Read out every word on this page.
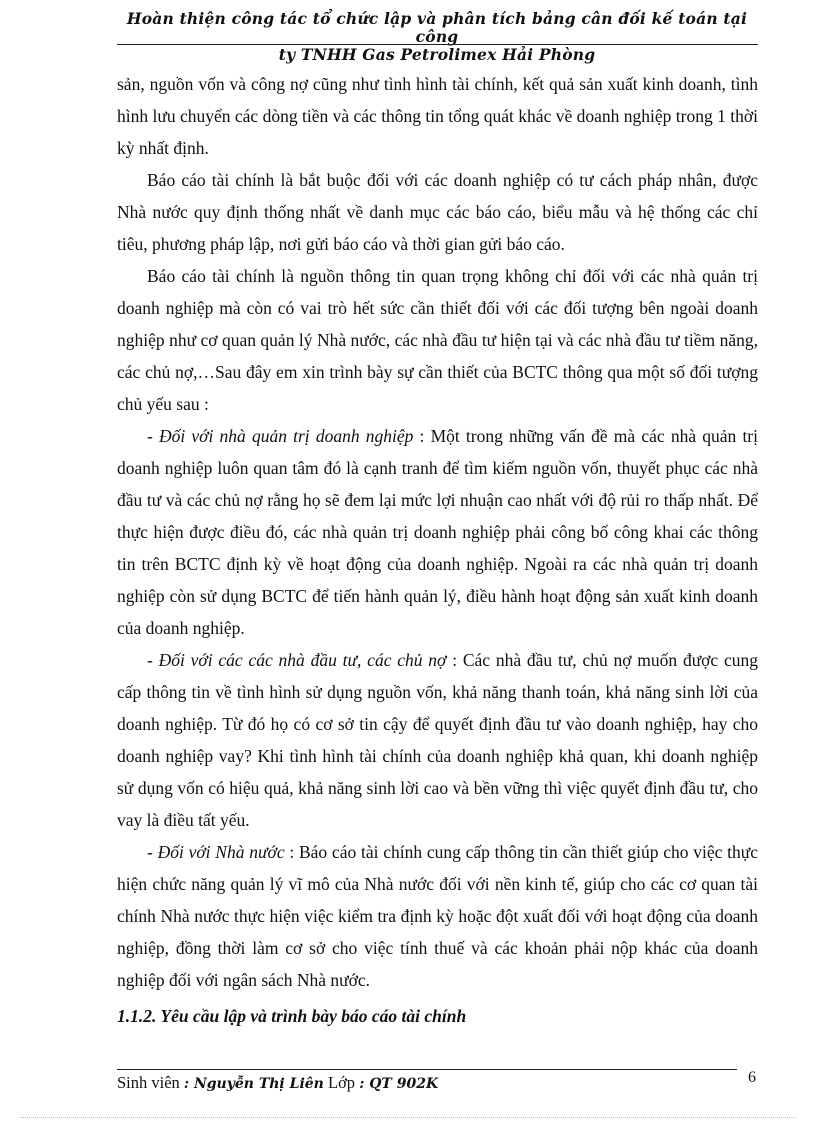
Hoàn thiện công tác tổ chức lập và phân tích bảng cân đối kế toán tại công
ty TNHH Gas Petrolimex Hải Phòng

sản, nguồn vốn và công nợ cũng như tình hình tài chính, kết quả sản xuất kinh doanh, tình hình lưu chuyển các dòng tiền và các thông tin tổng quát khác về doanh nghiệp trong 1 thời kỳ nhất định.

Báo cáo tài chính là bắt buộc đối với các doanh nghiệp có tư cách pháp nhân, được Nhà nước quy định thống nhất về danh mục các báo cáo, biểu mẫu và hệ thống các chỉ tiêu, phương pháp lập, nơi gửi báo cáo và thời gian gửi báo cáo.

Báo cáo tài chính là nguồn thông tin quan trọng không chỉ đối với các nhà quản trị doanh nghiệp mà còn có vai trò hết sức cần thiết đối với các đối tượng bên ngoài doanh nghiệp như cơ quan quản lý Nhà nước, các nhà đầu tư hiện tại và các nhà đầu tư tiềm năng, các chủ nợ,…Sau đây em xin trình bày sự cần thiết của BCTC thông qua một số đối tượng chủ yếu sau :

- Đối với nhà quản trị doanh nghiệp : Một trong những vấn đề mà các nhà quản trị doanh nghiệp luôn quan tâm đó là cạnh tranh để tìm kiếm nguồn vốn, thuyết phục các nhà đầu tư và các chủ nợ rằng họ sẽ đem lại mức lợi nhuận cao nhất với độ rủi ro thấp nhất. Để thực hiện được điều đó, các nhà quản trị doanh nghiệp phải công bố công khai các thông tin trên BCTC định kỳ về hoạt động của doanh nghiệp. Ngoài ra các nhà quản trị doanh nghiệp còn sử dụng BCTC để tiến hành quản lý, điều hành hoạt động sản xuất kinh doanh của doanh nghiệp.

- Đối với các các nhà đầu tư, các chủ nợ : Các nhà đầu tư, chủ nợ muốn được cung cấp thông tin về tình hình sử dụng nguồn vốn, khả năng thanh toán, khả năng sinh lời của doanh nghiệp. Từ đó họ có cơ sở tin cậy để quyết định đầu tư vào doanh nghiệp, hay cho doanh nghiệp vay? Khi tình hình tài chính của doanh nghiệp khả quan, khi doanh nghiệp sử dụng vốn có hiệu quả, khả năng sinh lời cao và bền vững thì việc quyết định đầu tư, cho vay là điều tất yếu.

- Đối với Nhà nước : Báo cáo tài chính cung cấp thông tin cần thiết giúp cho việc thực hiện chức năng quản lý vĩ mô của Nhà nước đối với nền kinh tế, giúp cho các cơ quan tài chính Nhà nước thực hiện việc kiểm tra định kỳ hoặc đột xuất đối với hoạt động của doanh nghiệp, đồng thời làm cơ sở cho việc tính thuế và các khoản phải nộp khác của doanh nghiệp đối với ngân sách Nhà nước.

1.1.2. Yêu cầu lập và trình bày báo cáo tài chính

Sinh viên : Nguyễn Thị Liên Lớp : QT 902K	6
